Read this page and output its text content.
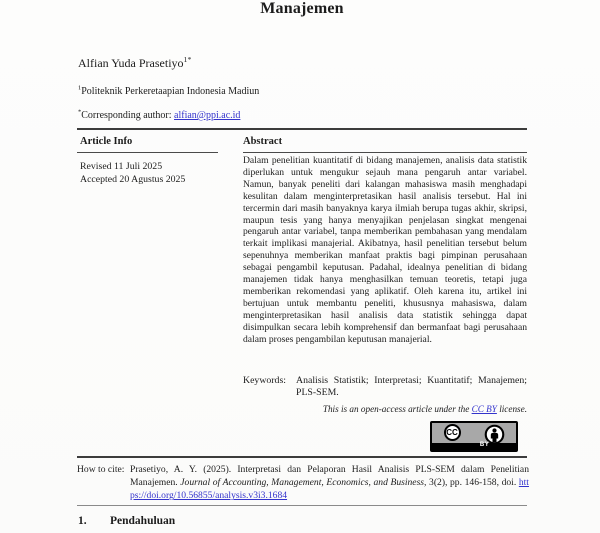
Manajemen
Alfian Yuda Prasetiyo$^{1*}$
$^1$Politeknik Perkeretaapian Indonesia Madiun
*Corresponding author: alfian@ppi.ac.id
Article Info	Abstract
Revised 11 Juli 2025
Accepted 20 Agustus 2025
Dalam penelitian kuantitatif di bidang manajemen, analisis data statistik diperlukan untuk mengukur sejauh mana pengaruh antar variabel. Namun, banyak peneliti dari kalangan mahasiswa masih menghadapi kesulitan dalam menginterpretasikan hasil analisis tersebut. Hal ini tercermin dari masih banyaknya karya ilmiah berupa tugas akhir, skripsi, maupun tesis yang hanya menyajikan penjelasan singkat mengenai pengaruh antar variabel, tanpa memberikan pembahasan yang mendalam terkait implikasi manajerial. Akibatnya, hasil penelitian tersebut belum sepenuhnya memberikan manfaat praktis bagi pimpinan perusahaan sebagai pengambil keputusan. Padahal, idealnya penelitian di bidang manajemen tidak hanya menghasilkan temuan teoretis, tetapi juga memberikan rekomendasi yang aplikatif. Oleh karena itu, artikel ini bertujuan untuk membantu peneliti, khususnya mahasiswa, dalam menginterpretasikan hasil analisis data statistik sehingga dapat disimpulkan secara lebih komprehensif dan bermanfaat bagi perusahaan dalam proses pengambilan keputusan manajerial.
Keywords:	Analisis Statistik; Interpretasi; Kuantitatif; Manajemen; PLS-SEM.
This is an open-access article under the CC BY license.
CC
BY
How to cite: Prasetiyo, A. Y. (2025). Interpretasi dan Pelaporan Hasil Analisis PLS-SEM dalam Penelitian Manajemen. Journal of Accounting, Management, Economics, and Business, 3(2), pp. 146-158, doi. https://doi.org/10.56855/analysis.v3i3.1684
1. Pendahuluan
